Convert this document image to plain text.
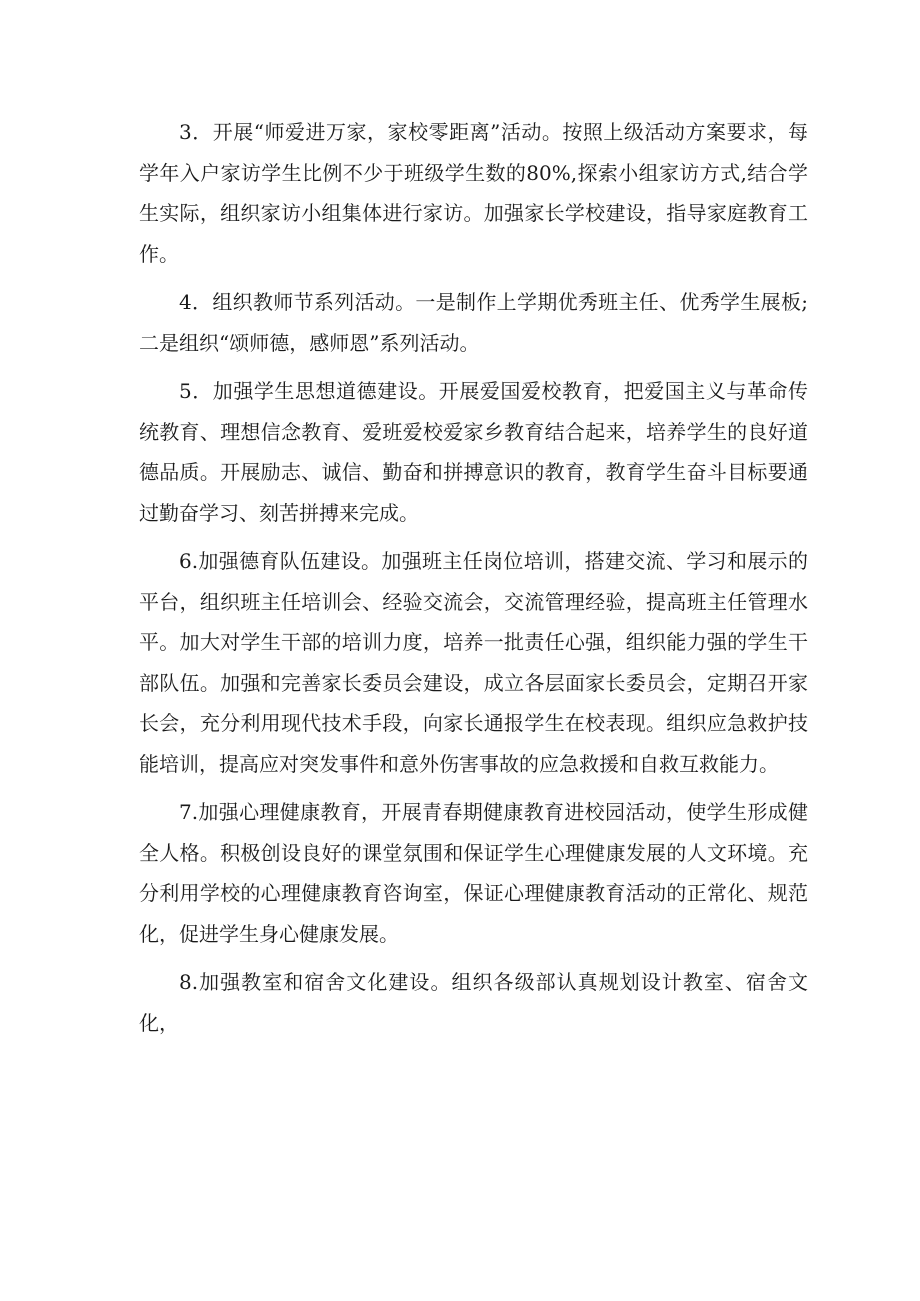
3．开展“师爱进万家，家校零距离”活动。按照上级活动方案要求，每学年入户家访学生比例不少于班级学生数的80%,探索小组家访方式,结合学生实际，组织家访小组集体进行家访。加强家长学校建设，指导家庭教育工作。

4．组织教师节系列活动。一是制作上学期优秀班主任、优秀学生展板;二是组织“颂师德，感师恩”系列活动。

5．加强学生思想道德建设。开展爱国爱校教育，把爱国主义与革命传统教育、理想信念教育、爱班爱校爱家乡教育结合起来，培养学生的良好道德品质。开展励志、诚信、勤奋和拼搏意识的教育，教育学生奋斗目标要通过勤奋学习、刻苦拼搏来完成。

6.加强德育队伍建设。加强班主任岗位培训，搭建交流、学习和展示的平台，组织班主任培训会、经验交流会，交流管理经验，提高班主任管理水平。加大对学生干部的培训力度，培养一批责任心强，组织能力强的学生干部队伍。加强和完善家长委员会建设，成立各层面家长委员会，定期召开家长会，充分利用现代技术手段，向家长通报学生在校表现。组织应急救护技能培训，提高应对突发事件和意外伤害事故的应急救援和自救互救能力。

7.加强心理健康教育，开展青春期健康教育进校园活动，使学生形成健全人格。积极创设良好的课堂氛围和保证学生心理健康发展的人文环境。充分利用学校的心理健康教育咨询室，保证心理健康教育活动的正常化、规范化，促进学生身心健康发展。

8.加强教室和宿舍文化建设。组织各级部认真规划设计教室、宿舍文化，
